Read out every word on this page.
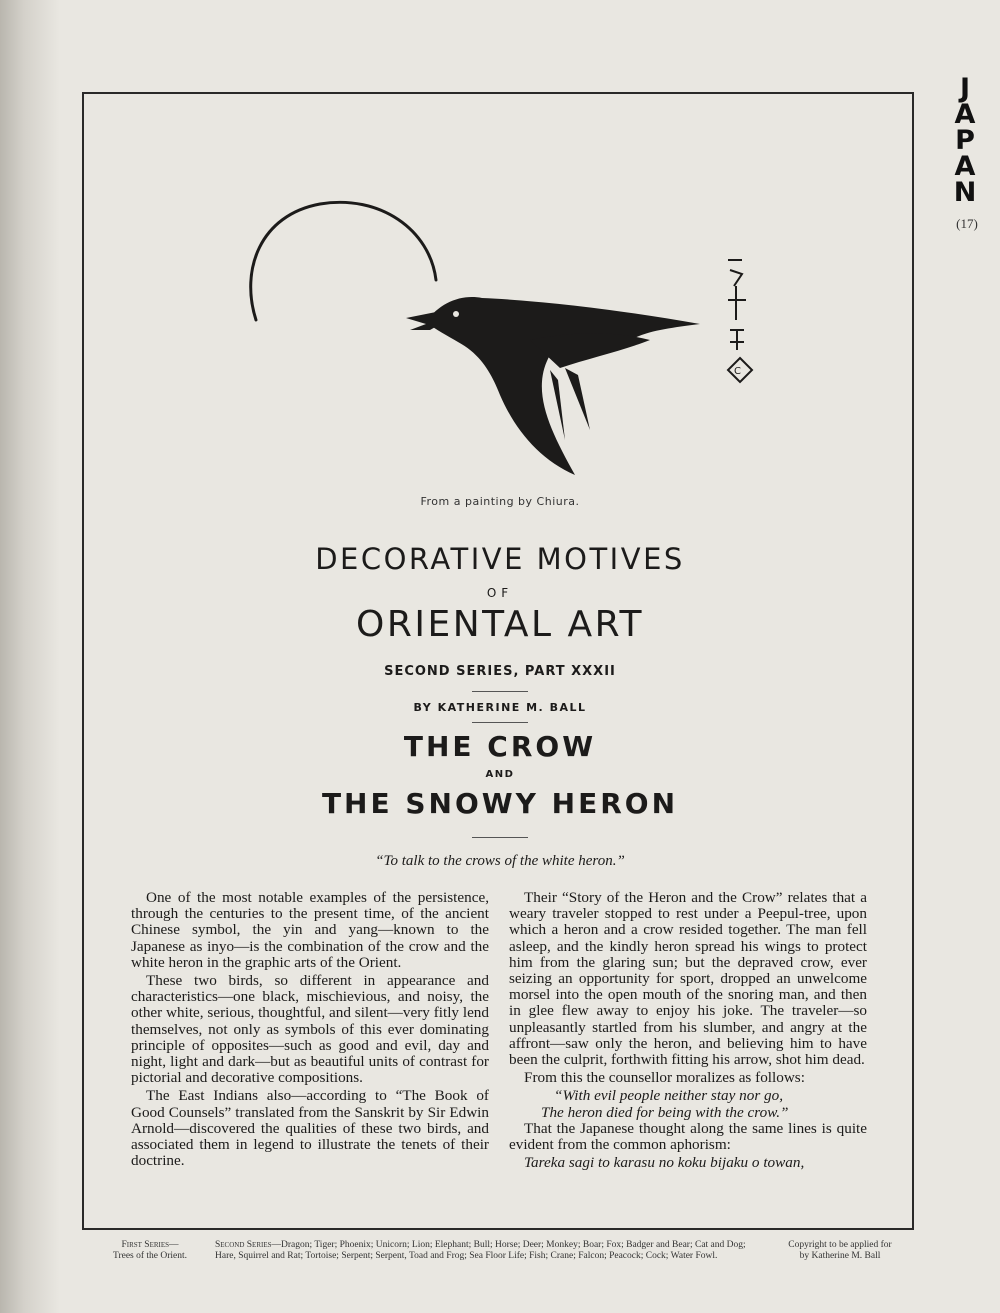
J
A
P
A
N
(17)
C
From a painting by Chiura.
DECORATIVE MOTIVES
OF
ORIENTAL ART
SECOND SERIES, PART XXXII
BY KATHERINE M. BALL
THE CROW
AND
THE SNOWY HERON
“To talk to the crows of the white heron.”

One of the most notable examples of the persistence, through the centuries to the present time, of the ancient Chinese symbol, the yin and yang—known to the Japanese as inyo—is the combination of the crow and the white heron in the graphic arts of the Orient.

These two birds, so different in appearance and characteristics—one black, mischievious, and noisy, the other white, serious, thoughtful, and silent—very fitly lend themselves, not only as symbols of this ever dominating principle of opposites—such as good and evil, day and night, light and dark—but as beautiful units of contrast for pictorial and decorative compositions.

The East Indians also—according to “The Book of Good Counsels” translated from the Sanskrit by Sir Edwin Arnold—discovered the qualities of these two birds, and associated them in legend to illustrate the tenets of their doctrine.

Their “Story of the Heron and the Crow” relates that a weary traveler stopped to rest under a Peepul-tree, upon which a heron and a crow resided together. The man fell asleep, and the kindly heron spread his wings to protect him from the glaring sun; but the depraved crow, ever seizing an opportunity for sport, dropped an unwelcome morsel into the open mouth of the snoring man, and then in glee flew away to enjoy his joke. The traveler—so unpleasantly startled from his slumber, and angry at the affront—saw only the heron, and believing him to have been the culprit, forthwith fitting his arrow, shot him dead.

From this the counsellor moralizes as follows:

“With evil people neither stay nor go,

The heron died for being with the crow.”

That the Japanese thought along the same lines is quite evident from the common aphorism:

Tareka sagi to karasu no koku bijaku o towan,

First Series—
Trees of the Orient.
Second Series—Dragon; Tiger; Phoenix; Unicorn; Lion; Elephant; Bull; Horse; Deer; Monkey; Boar; Fox; Badger and Bear; Cat and Dog; Hare, Squirrel and Rat; Tortoise; Serpent; Serpent, Toad and Frog; Sea Floor Life; Fish; Crane; Falcon; Peacock; Cock; Water Fowl.
Copyright to be applied for
by Katherine M. Ball
